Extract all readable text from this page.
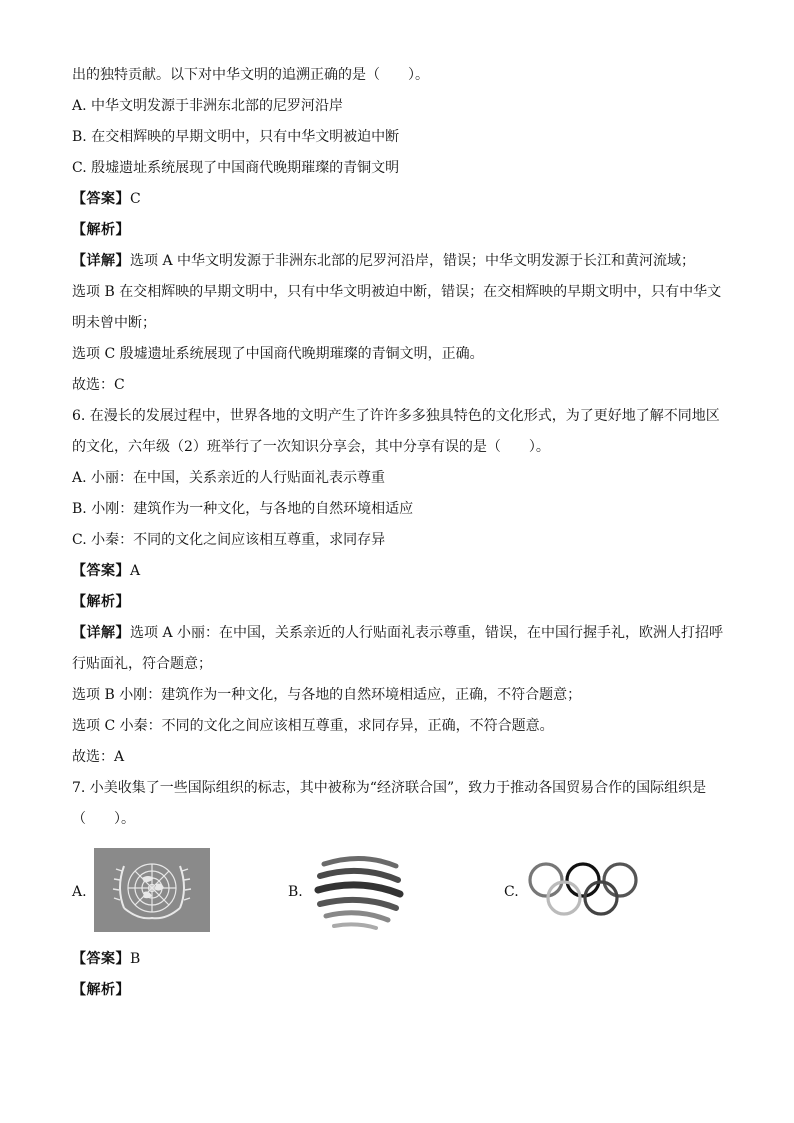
出的独特贡献。以下对中华文明的追溯正确的是（　　）。
A. 中华文明发源于非洲东北部的尼罗河沿岸
B. 在交相辉映的早期文明中，只有中华文明被迫中断
C. 殷墟遗址系统展现了中国商代晚期璀璨的青铜文明
【答案】C
【解析】
【详解】选项 A 中华文明发源于非洲东北部的尼罗河沿岸，错误；中华文明发源于长江和黄河流域；
选项 B 在交相辉映的早期文明中，只有中华文明被迫中断，错误；在交相辉映的早期文明中，只有中华文
明未曾中断；
选项 C 殷墟遗址系统展现了中国商代晚期璀璨的青铜文明，正确。
故选：C
6. 在漫长的发展过程中，世界各地的文明产生了许许多多独具特色的文化形式，为了更好地了解不同地区
的文化，六年级（2）班举行了一次知识分享会，其中分享有误的是（　　）。
A. 小丽：在中国，关系亲近的人行贴面礼表示尊重
B. 小刚：建筑作为一种文化，与各地的自然环境相适应
C. 小秦：不同的文化之间应该相互尊重，求同存异
【答案】A
【解析】
【详解】选项 A 小丽：在中国，关系亲近的人行贴面礼表示尊重，错误，在中国行握手礼，欧洲人打招呼
行贴面礼，符合题意；
选项 B 小刚：建筑作为一种文化，与各地的自然环境相适应，正确，不符合题意；
选项 C 小秦：不同的文化之间应该相互尊重，求同存异，正确，不符合题意。
故选：A
7. 小美收集了一些国际组织的标志，其中被称为“经济联合国”，致力于推动各国贸易合作的国际组织是
（　　）。
A.	B.	C.
【答案】B
【解析】
